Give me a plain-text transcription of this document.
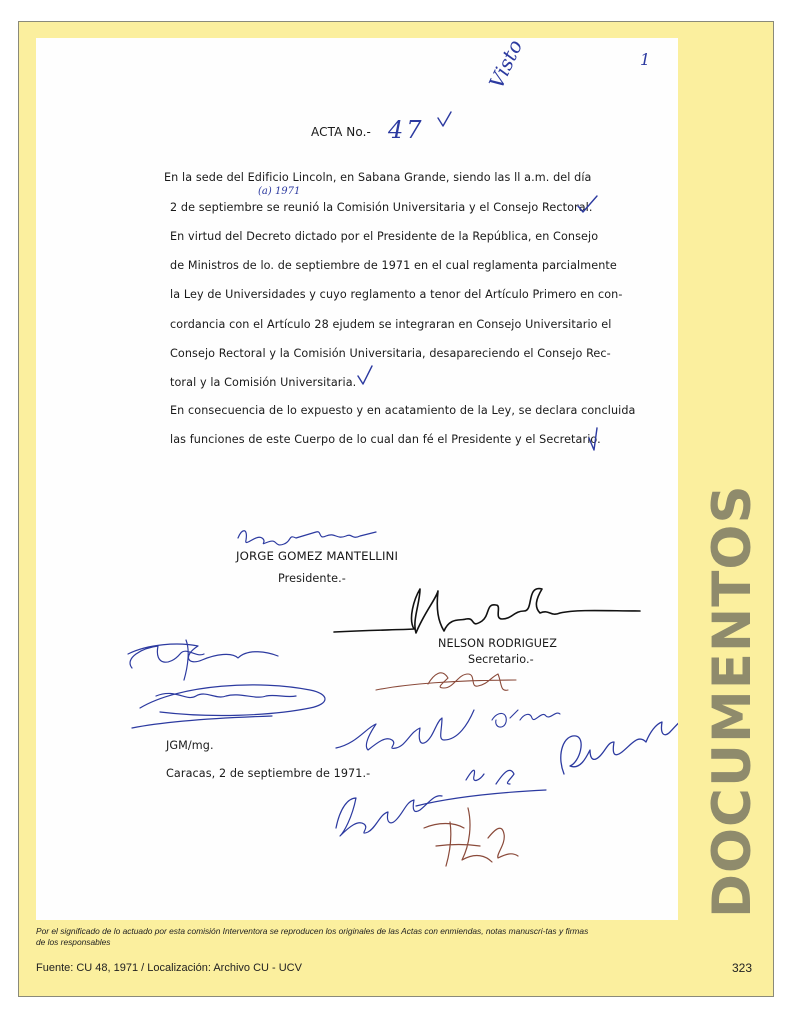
1
Visto
ACTA No.- 47
(a) 1971
En la sede del Edificio Lincoln, en Sabana Grande, siendo las ll a.m. del día
2 de septiembre se reunió la Comisión Universitaria y el Consejo Rectoral.
En virtud del Decreto dictado por el Presidente de la República, en Consejo
de Ministros de lo. de septiembre de 1971 en el cual reglamenta parcialmente
la Ley de Universidades y cuyo reglamento a tenor del Artículo Primero en con-
cordancia con el Artículo 28 ejudem se integraran en Consejo Universitario el
Consejo Rectoral y la Comisión Universitaria, desapareciendo el Consejo Rec-
toral y la Comisión Universitaria.
En consecuencia de lo expuesto y en acatamiento de la Ley, se declara concluida
las funciones de este Cuerpo de lo cual dan fé el Presidente y el Secretario.
JORGE GOMEZ MANTELLINI
Presidente.-
NELSON RODRIGUEZ
Secretario.-
JGM/mg.
Caracas, 2 de septiembre de 1971.-	DOCUMENTOS
Por el significado de lo actuado por esta comisión Interventora se reproducen los originales de las Actas con enmiendas, notas manuscri-tas y firmas de los responsables
Fuente: CU 48, 1971 / Localización: Archivo CU - UCV	323
